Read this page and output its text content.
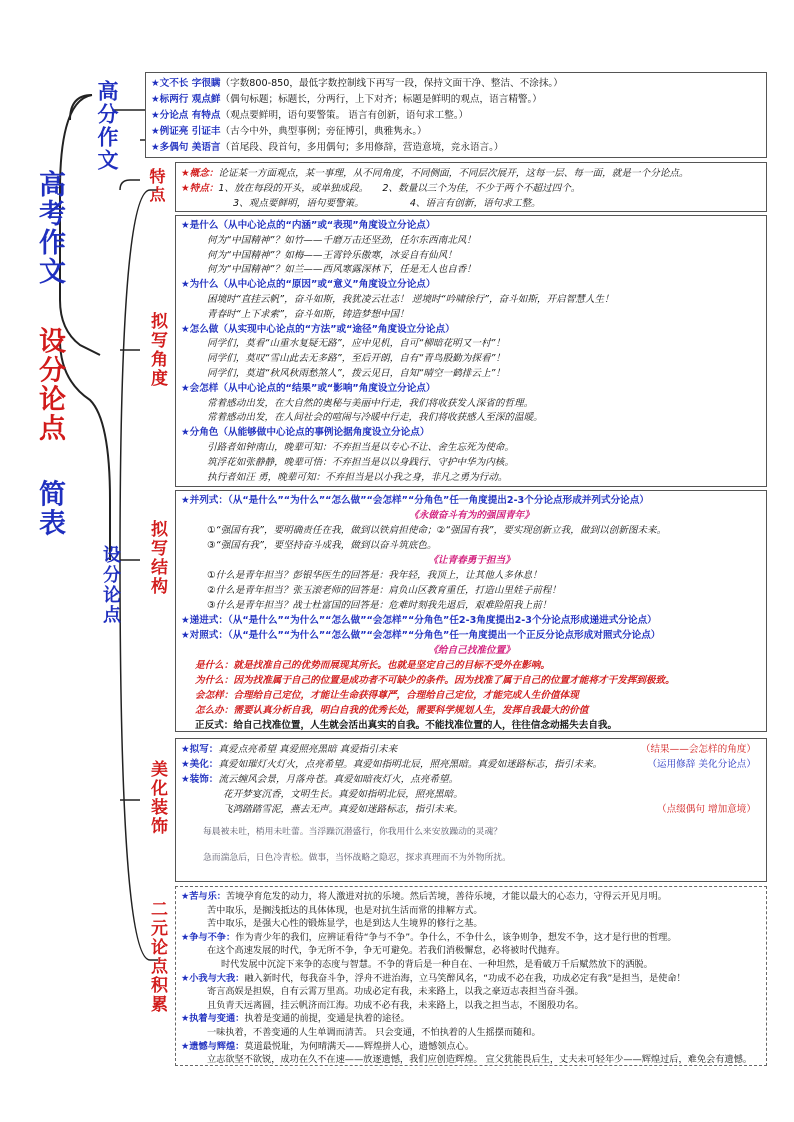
高考作文  设分论点  简表
高分作文
设分论点
特点
拟写角度
拟写结构
美化装饰
二元论点积累
★文不长 字很瞒（字数800-850，最低字数控制线下再写一段，保持文面干净、整洁、不涂抹。）
★标两行 观点鲜（偶句标题；标题长，分两行，上下对齐；标题是鲜明的观点，语言精警。）
★分论点 有特点（观点要鲜明，语句要警策。 语言有创新，语句求工整。）
★例证亮 引证丰（古今中外，典型事例；旁征博引，典雅隽永。）
★多偶句 美语言（首尾段、段首句，多用偶句；多用修辞，营造意境，竞永语言。）
★概念：论证某一方面观点，某一事理，从不同角度，不同侧面，不同层次展开，这每一层、每一面，就是一个分论点。
★特点：1、放在每段的开头，或单独成段。 2、数量以三个为佳，不少于两个不超过四个。
3、观点要鲜明，语句要警策。	4、语言有创新，语句求工整。
★是什么（从中心论点的“内涵”或“表现”角度设立分论点）
何为“中国精神”？如竹——千磨万击还坚劲，任尔东西南北风！
何为“中国精神”？如梅——王霄铃乐傲寒，冰妥自有仙风！
何为“中国精神”？如兰——西风寒露深林下，任是无人也自香！
★为什么（从中心论点的“原因”或“意义”角度设立分论点）
困境时“直挂云帆”，奋斗如斯，我犹凌云壮志！ 逆境时“吟啸徐行”，奋斗如斯，开启智慧人生！
青春时“上下求索”，奋斗如斯，铸造梦想中国！
★怎么做（从实现中心论点的“方法”或“途径”角度设立分论点）
同学们，莫看“山重水复疑无路”，应中见机，自可“柳暗花明又一村”！
同学们，莫叹“雪山此去无多路”，至后开朗，自有“青鸟殷勤为探看”！
同学们，莫道“秋风秋雨愁煞人”，拨云见日，自知“晴空一鹤排云上”！
★会怎样（从中心论点的“结果”或“影响”角度设立分论点）
常着感动出发，在大自然的奥秘与美丽中行走，我们将收获发人深省的哲理。
常着感动出发，在人间社会的喧闹与冷暖中行走，我们将收获感人至深的温暖。
★分角色（从能够做中心论点的事例论据角度设立分论点）
引路者如钟南山，晚辈可知：不弃担当是以专心不让、舍生忘死为使命。
筑浮花如张静静，晚辈可悟：不弃担当是以以身践行、守护中华为内核。
执行者如汪 勇，晚辈可知：不弃担当是以小我之身，非凡之勇为行动。
★并列式：（从“是什么”“为什么”“怎么做”“会怎样”“分角色”任一角度提出2-3个分论点形成并列式分论点）
《永做奋斗有为的强国青年》
①“强国有我”，要明确责任在我，做到以铁肩担使命；②“强国有我”，要实现创新立我，做到以创新图未来。
③“强国有我”，要坚持奋斗成我，做到以奋斗筑底色。
《让青春勇于担当》
①什么是青年担当？彭银华医生的回答是：我年轻，我顶上，让其他人多休息！
②什么是青年担当？张玉滚老师的回答是：肩负山区教育重任，打造山里娃子前程！
③什么是青年担当？战士杜富国的回答是：危难时刻我先退后，艰难险阻我上前！
★递进式：（从“是什么”“为什么”“怎么做”“会怎样”“分角色”任2-3角度提出2-3个分论点形成递进式分论点）
★对照式：（从“是什么”“为什么”“怎么做”“会怎样”“分角色”任一角度提出一个正反分论点形成对照式分论点）
《给自己找准位置》
是什么：就是找准自己的优势而展现其所长。也就是坚定自己的目标不受外在影响。
为什么：因为找准属于自己的位置是成功者不可缺少的条件。因为找准了属于自己的位置才能将才干发挥到极致。
会怎样：合理给自己定位，才能让生命获得尊严，合理给自己定位，才能完成人生价值体现
怎么办：需要认真分析自我，明白自我的优秀长处，需要科学规划人生，发挥自我最大的价值
正反式：给自己找准位置，人生就会活出真实的自我。不能找准位置的人，往往信念动摇失去自我。
★拟写：真爱点亮希望 真爱照亮黑暗 真爱指引未来	（结果——会怎样的角度）
★美化：真爱如璀灯火灯火，点亮希望。真爱如指明北辰，照亮黑暗。真爱如迷路标志，指引未来。	（运用修辞 美化分论点）
★装饰：流云缠风会景，月落舟苍。真爱如暗夜灯火，点亮希望。
花开梦宴沉香，文明生长。真爱如指明北辰，照亮黑暗。
飞鸿踏踏雪泥，燕去无声。真爱如迷路标志，指引未来。	（点缀偶句 增加意境）
每晨被未吐，梢用未吐蕾。当浮躁沉潜盛行，你我用什么来安放躁动的灵魂？
急而湍急后，日色冷青松。做事，当怀战略之隐忍，探求真理而不为外物所扰。
★苦与乐：苦境孕育危发的动力，将人激进对抗的乐境。然后苦境，善待乐境，才能以最大的心态力，守得云开见月明。
苦中取乐，是搁浅抵达的具体体现，也是对抗生活而常的排解方式。
苦中取乐，是强大心性的锻炼显学，也是到达人生境界的修行之基。
★争与不争：作为青少年的我们，应辨证看待“争与不争”。争什么，不争什么，该争则争，想发不争，这才是行世的哲理。
在这个高速发展的时代，争无所不争，争无可避免。若我们消极懈怠，必将被时代抛弃。
时代发展中沉淀下来争的态度与智慧。不争的背后是一种自在、一种坦然，是看破万千后赋然放下的洒脱。
★小我与大我：融入新时代，每我奋斗争，浮舟不进治海，立马笑醉风名，“功成不必在我，功成必定有我”是担当，是使命！
寄言高娱是担娱，自有云霄万里高。功成必定有我，未来路上，以我之豪迈志表担当奋斗强。
且负青天远离圆，挂云帆济而江海。功成不必有我，未来路上，以我之担当志，不图殷功名。
★执着与变通：执着是变通的前提，变通是执着的途径。
一味执着，不善变通的人生单调而清苦。 只会变通，不怕执着的人生摇摆而随和。
★遗憾与辉煌：莫道最悦耻，为何晴满天——辉煌拼人心，遗憾领点心。
立志欲坚不欲锐，成功在久不在速——放逐遗憾，我们应创造辉煌。 宣父犹能畏后生，丈夫未可轻年少——辉煌过后，难免会有遗憾。
